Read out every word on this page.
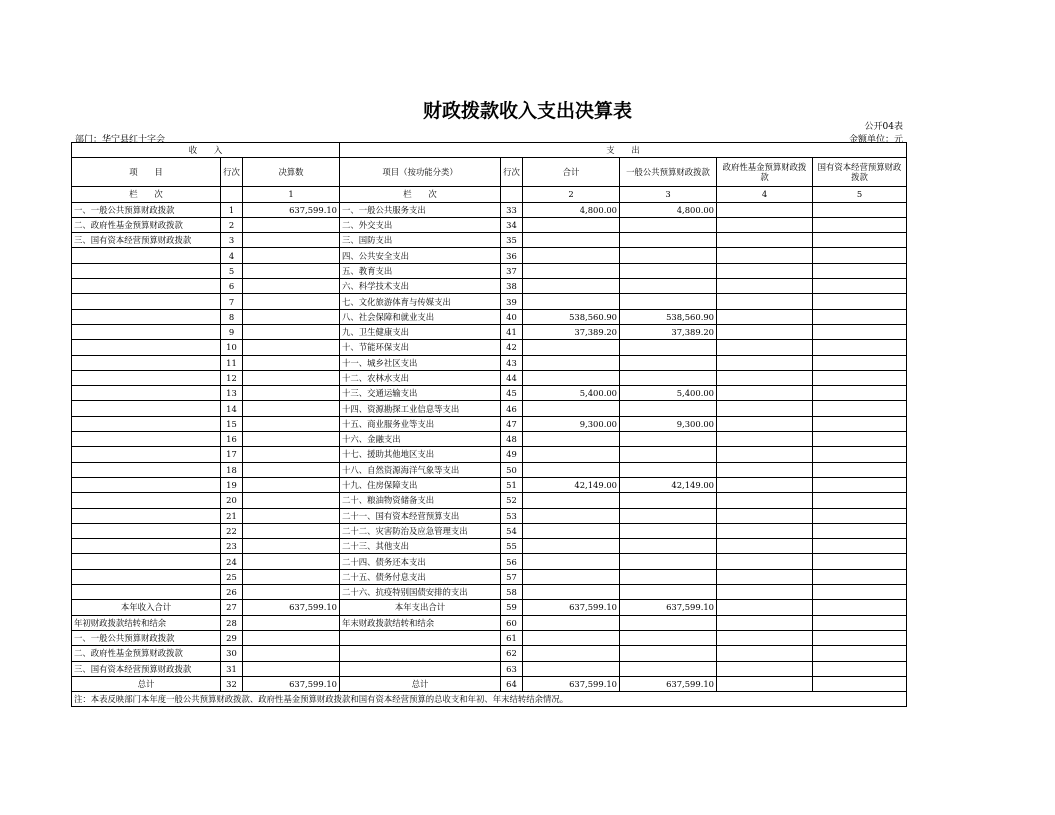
财政拨款收入支出决算表
公开04表
部门：华宁县红十字会	金额单位：元
收　　入			支　　出					
项　　目	行次	决算数	项目（按功能分类）	行次	合计	一般公共预算财政拨款	政府性基金预算财政拨款	国有资本经营预算财政拨款
栏　　次		1	栏　　次		2	3	4	5
一、一般公共预算财政拨款	1	637,599.10	一、一般公共服务支出	33	4,800.00	4,800.00		
二、政府性基金预算财政拨款	2		二、外交支出	34				
三、国有资本经营预算财政拨款	3		三、国防支出	35				
	4		四、公共安全支出	36				
	5		五、教育支出	37				
	6		六、科学技术支出	38				
	7		七、文化旅游体育与传媒支出	39				
	8		八、社会保障和就业支出	40	538,560.90	538,560.90		
	9		九、卫生健康支出	41	37,389.20	37,389.20		
	10		十、节能环保支出	42				
	11		十一、城乡社区支出	43				
	12		十二、农林水支出	44				
	13		十三、交通运输支出	45	5,400.00	5,400.00		
	14		十四、资源勘探工业信息等支出	46				
	15		十五、商业服务业等支出	47	9,300.00	9,300.00		
	16		十六、金融支出	48				
	17		十七、援助其他地区支出	49				
	18		十八、自然资源海洋气象等支出	50				
	19		十九、住房保障支出	51	42,149.00	42,149.00		
	20		二十、粮油物资储备支出	52				
	21		二十一、国有资本经营预算支出	53				
	22		二十二、灾害防治及应急管理支出	54				
	23		二十三、其他支出	55				
	24		二十四、债务还本支出	56				
	25		二十五、债务付息支出	57				
	26		二十六、抗疫特别国债安排的支出	58				
本年收入合计	27	637,599.10	本年支出合计	59	637,599.10	637,599.10		
年初财政拨款结转和结余	28		年末财政拨款结转和结余	60				
一、一般公共预算财政拨款	29			61				
二、政府性基金预算财政拨款	30			62				
三、国有资本经营预算财政拨款	31			63				
总计	32	637,599.10	总计	64	637,599.10	637,599.10		
注：本表反映部门本年度一般公共预算财政拨款、政府性基金预算财政拨款和国有资本经营预算的总收支和年初、年末结转结余情况。								
